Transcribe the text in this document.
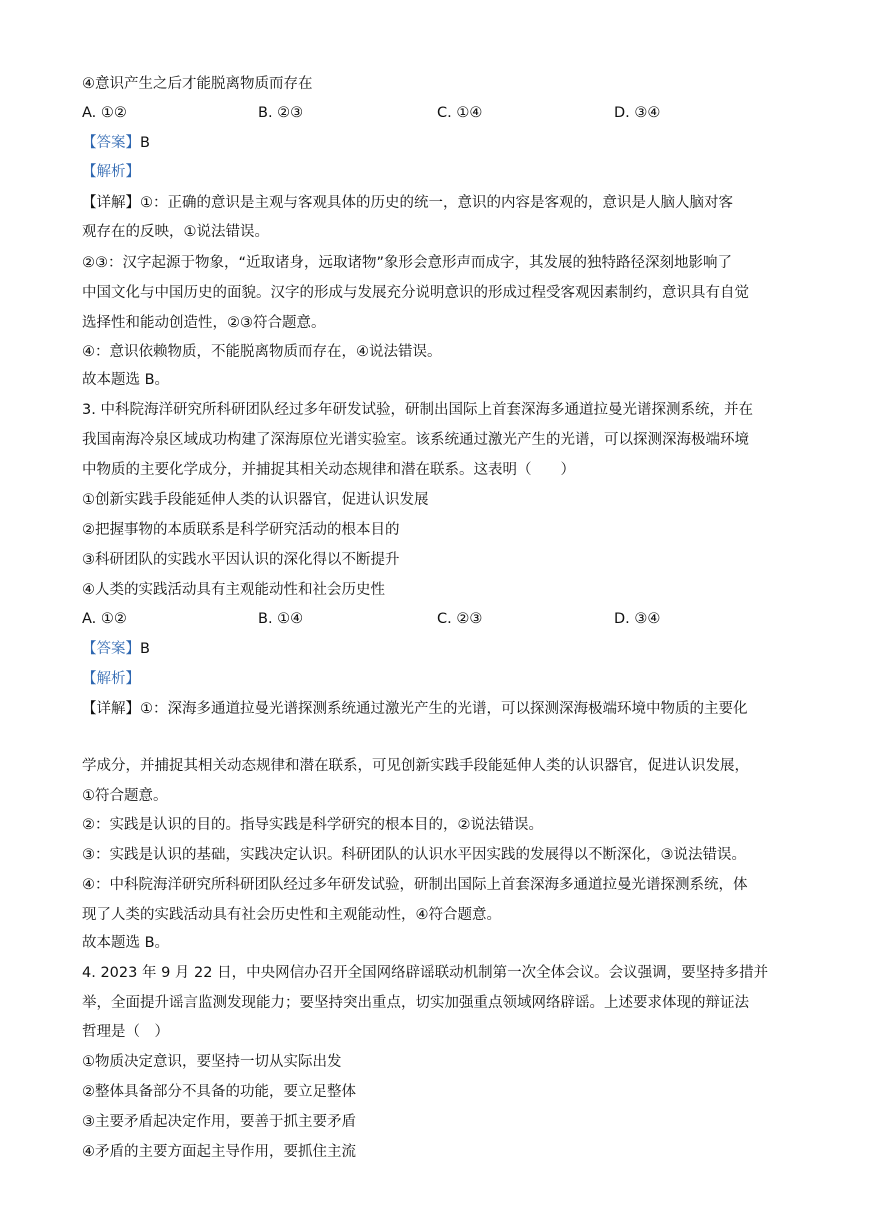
④意识产生之后才能脱离物质而存在
A. ①②	B. ②③	C. ①④	D. ③④
【答案】B
【解析】
【详解】①：正确的意识是主观与客观具体的历史的统一，意识的内容是客观的，意识是人脑人脑对客
观存在的反映，①说法错误。
②③：汉字起源于物象，“近取诸身，远取诸物”象形会意形声而成字，其发展的独特路径深刻地影响了
中国文化与中国历史的面貌。汉字的形成与发展充分说明意识的形成过程受客观因素制约，意识具有自觉
选择性和能动创造性，②③符合题意。
④：意识依赖物质，不能脱离物质而存在，④说法错误。
故本题选 B。
3. 中科院海洋研究所科研团队经过多年研发试验，研制出国际上首套深海多通道拉曼光谱探测系统，并在
我国南海冷泉区域成功构建了深海原位光谱实验室。该系统通过激光产生的光谱，可以探测深海极端环境
中物质的主要化学成分，并捕捉其相关动态规律和潜在联系。这表明（　　）
①创新实践手段能延伸人类的认识器官，促进认识发展
②把握事物的本质联系是科学研究活动的根本目的
③科研团队的实践水平因认识的深化得以不断提升
④人类的实践活动具有主观能动性和社会历史性
A. ①②	B. ①④	C. ②③	D. ③④
【答案】B
【解析】
【详解】①：深海多通道拉曼光谱探测系统通过激光产生的光谱，可以探测深海极端环境中物质的主要化
学成分，并捕捉其相关动态规律和潜在联系，可见创新实践手段能延伸人类的认识器官，促进认识发展，
①符合题意。
②：实践是认识的目的。指导实践是科学研究的根本目的，②说法错误。
③：实践是认识的基础，实践决定认识。科研团队的认识水平因实践的发展得以不断深化，③说法错误。
④：中科院海洋研究所科研团队经过多年研发试验，研制出国际上首套深海多通道拉曼光谱探测系统，体
现了人类的实践活动具有社会历史性和主观能动性，④符合题意。
故本题选 B。
4. 2023 年 9 月 22 日，中央网信办召开全国网络辟谣联动机制第一次全体会议。会议强调，要坚持多措并
举，全面提升谣言监测发现能力；要坚持突出重点，切实加强重点领域网络辟谣。上述要求体现的辩证法
哲理是（　）
①物质决定意识，要坚持一切从实际出发
②整体具备部分不具备的功能，要立足整体
③主要矛盾起决定作用，要善于抓主要矛盾
④矛盾的主要方面起主导作用，要抓住主流
